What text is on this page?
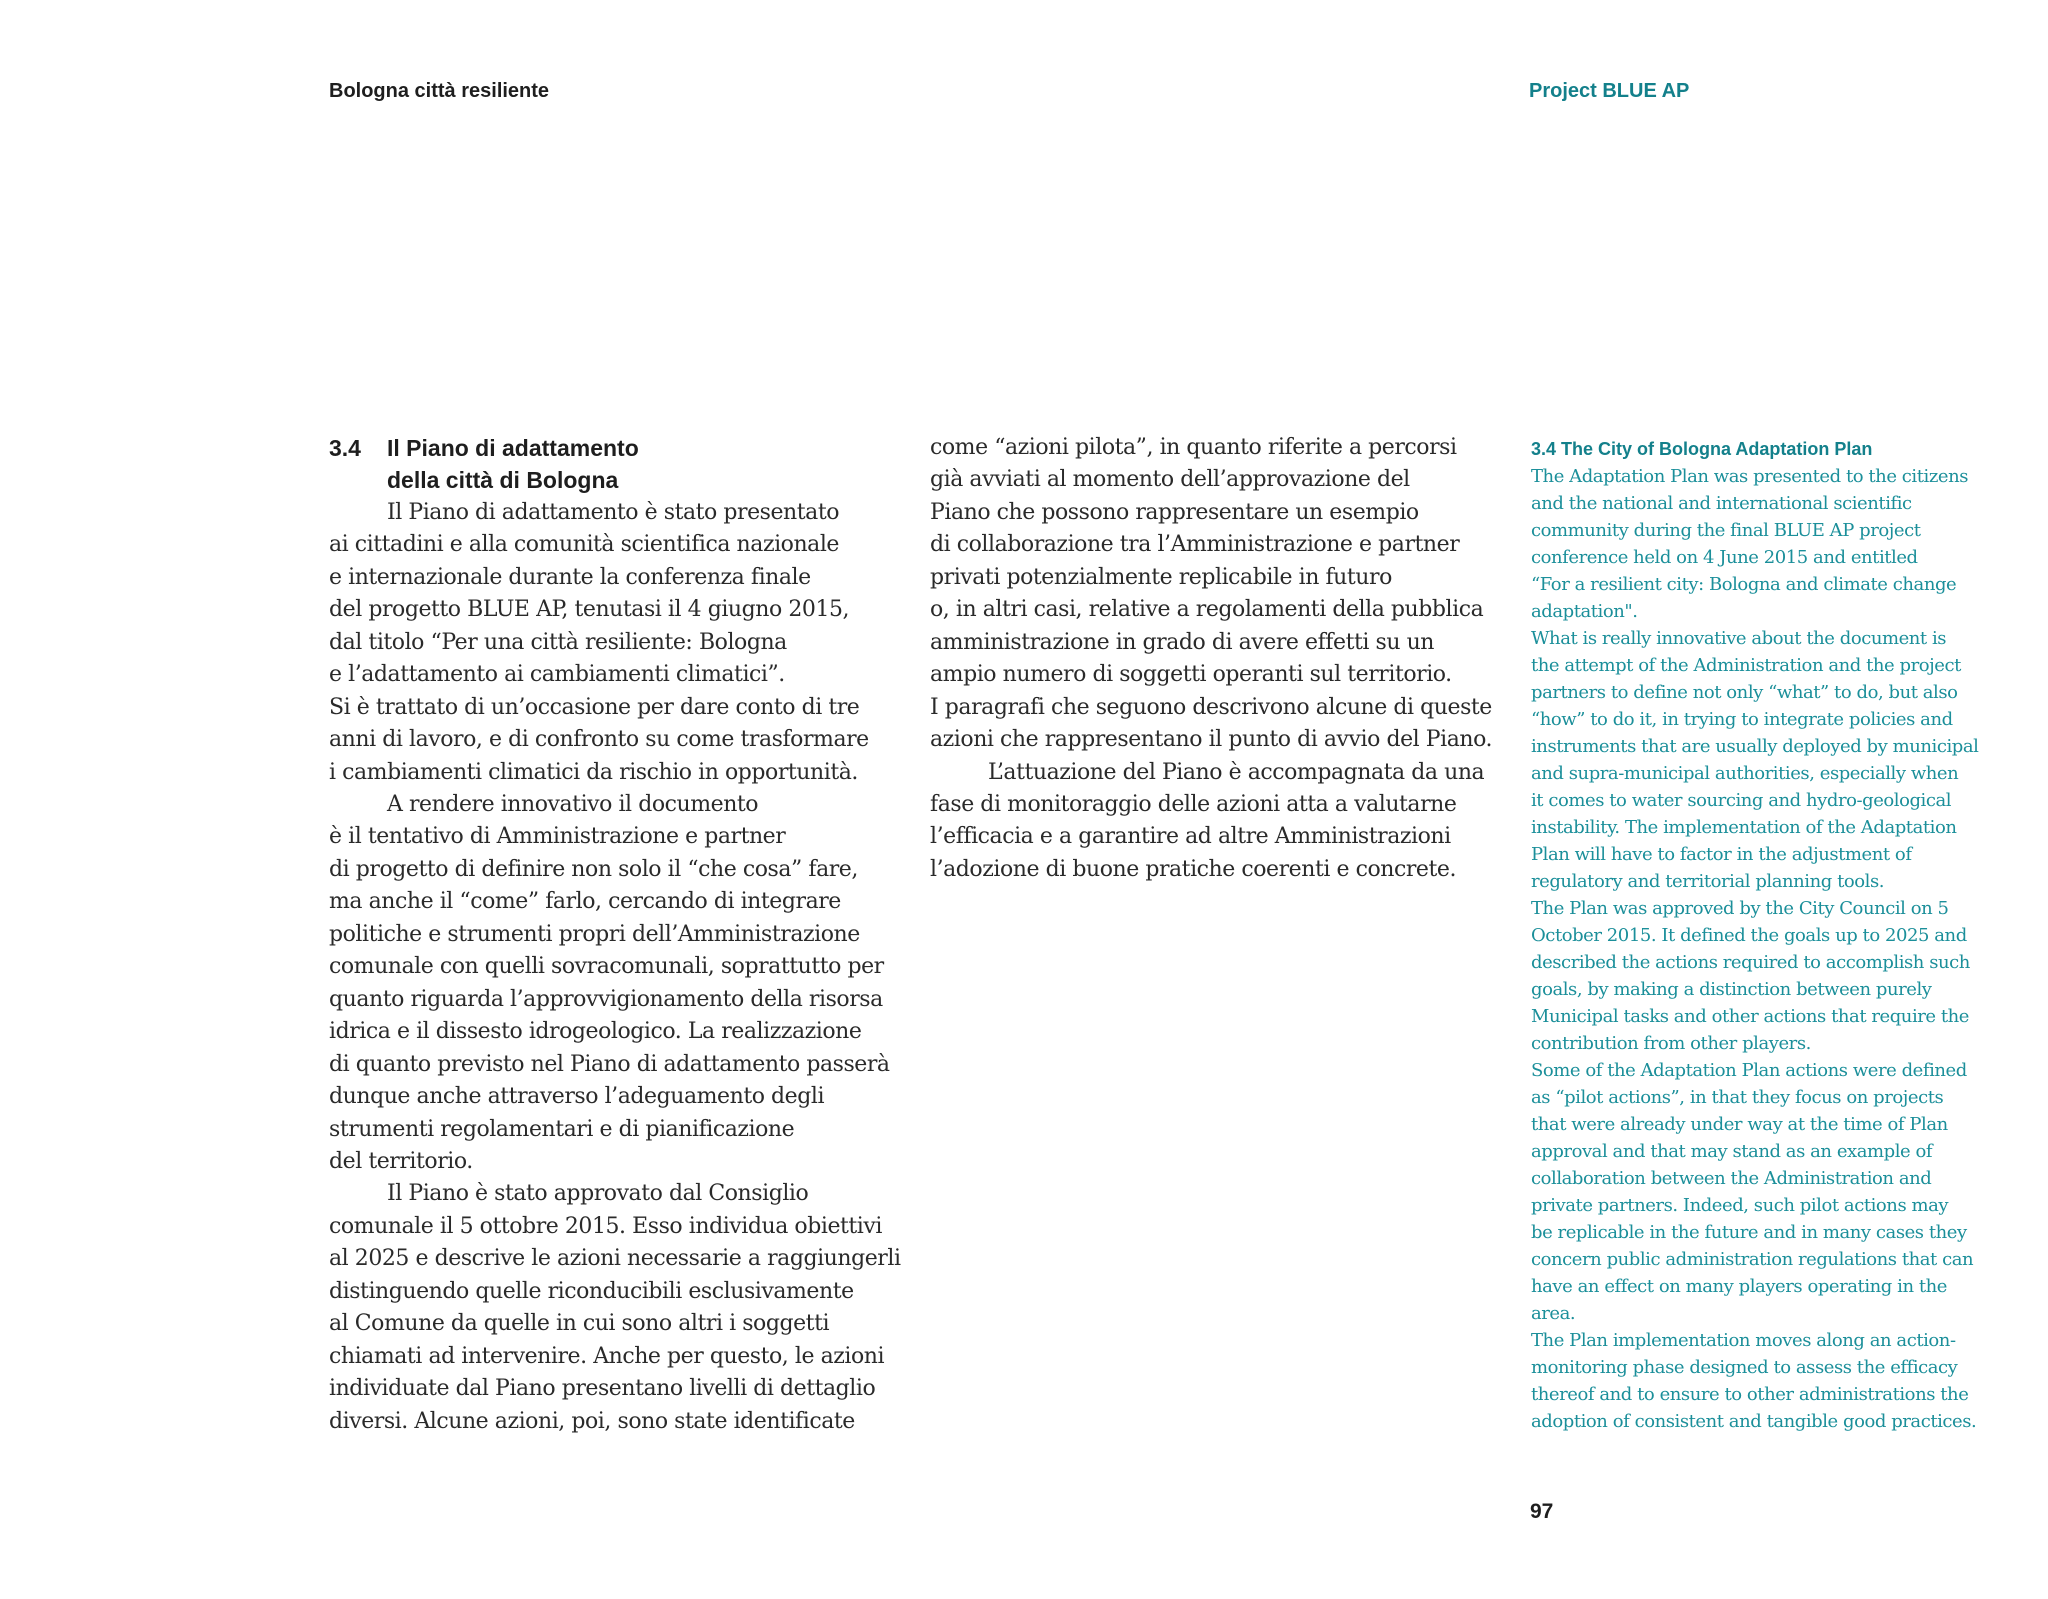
Bologna città resiliente	Project BLUE AP
3.4	Il Piano di adattamento
della città di Bologna

Il Piano di adattamento è stato presentato

ai cittadini e alla comunità scientifica nazionale

e internazionale durante la conferenza finale

del progetto BLUE AP, tenutasi il 4 giugno 2015,

dal titolo “Per una città resiliente: Bologna

e l’adattamento ai cambiamenti climatici”.

Si è trattato di un’occasione per dare conto di tre

anni di lavoro, e di confronto su come trasformare

i cambiamenti climatici da rischio in opportunità.

A rendere innovativo il documento

è il tentativo di Amministrazione e partner

di progetto di definire non solo il “che cosa” fare,

ma anche il “come” farlo, cercando di integrare

politiche e strumenti propri dell’Amministrazione

comunale con quelli sovracomunali, soprattutto per

quanto riguarda l’approvvigionamento della risorsa

idrica e il dissesto idrogeologico. La realizzazione

di quanto previsto nel Piano di adattamento passerà

dunque anche attraverso l’adeguamento degli

strumenti regolamentari e di pianificazione

del territorio.

Il Piano è stato approvato dal Consiglio

comunale il 5 ottobre 2015. Esso individua obiettivi

al 2025 e descrive le azioni necessarie a raggiungerli

distinguendo quelle riconducibili esclusivamente

al Comune da quelle in cui sono altri i soggetti

chiamati ad intervenire. Anche per questo, le azioni

individuate dal Piano presentano livelli di dettaglio

diversi. Alcune azioni, poi, sono state identificate

come “azioni pilota”, in quanto riferite a percorsi

già avviati al momento dell’approvazione del

Piano che possono rappresentare un esempio

di collaborazione tra l’Amministrazione e partner

privati potenzialmente replicabile in futuro

o, in altri casi, relative a regolamenti della pubblica

amministrazione in grado di avere effetti su un

ampio numero di soggetti operanti sul territorio.

I paragrafi che seguono descrivono alcune di queste

azioni che rappresentano il punto di avvio del Piano.

L’attuazione del Piano è accompagnata da una

fase di monitoraggio delle azioni atta a valutarne

l’efficacia e a garantire ad altre Amministrazioni

l’adozione di buone pratiche coerenti e concrete.

3.4 The City of Bologna Adaptation Plan

The Adaptation Plan was presented to the citizens

and the national and international scientific

community during the final BLUE AP project

conference held on 4 June 2015 and entitled

“For a resilient city: Bologna and climate change

adaptation".

What is really innovative about the document is

the attempt of the Administration and the project

partners to define not only “what” to do, but also

“how” to do it, in trying to integrate policies and

instruments that are usually deployed by municipal

and supra-municipal authorities, especially when

it comes to water sourcing and hydro-geological

instability. The implementation of the Adaptation

Plan will have to factor in the adjustment of

regulatory and territorial planning tools.

The Plan was approved by the City Council on 5

October 2015. It defined the goals up to 2025 and

described the actions required to accomplish such

goals, by making a distinction between purely

Municipal tasks and other actions that require the

contribution from other players.

Some of the Adaptation Plan actions were defined

as “pilot actions”, in that they focus on projects

that were already under way at the time of Plan

approval and that may stand as an example of

collaboration between the Administration and

private partners. Indeed, such pilot actions may

be replicable in the future and in many cases they

concern public administration regulations that can

have an effect on many players operating in the

area.

The Plan implementation moves along an action-

monitoring phase designed to assess the efficacy

thereof and to ensure to other administrations the

adoption of consistent and tangible good practices.

97
